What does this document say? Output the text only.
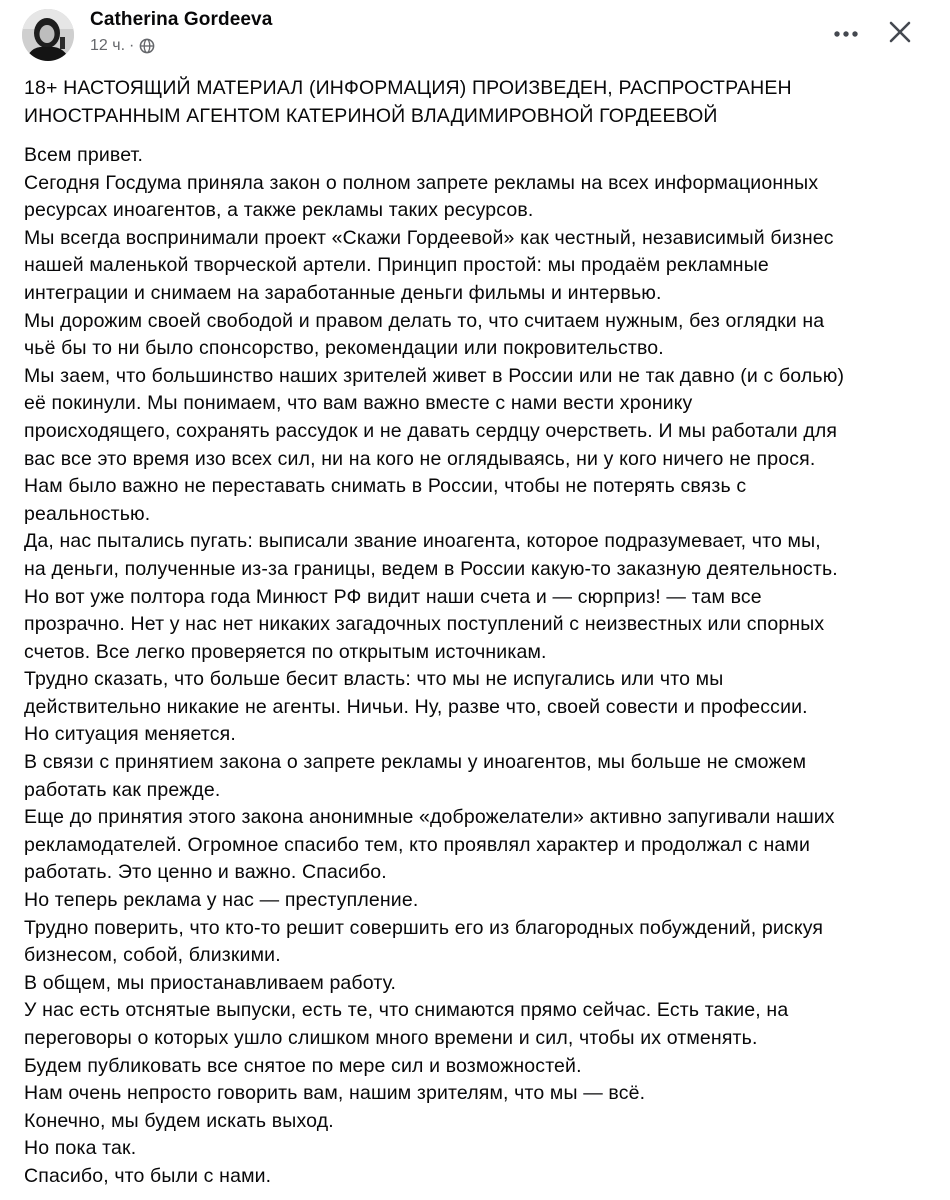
Catherina Gordeeva
12 ч. ·
18+ НАСТОЯЩИЙ МАТЕРИАЛ (ИНФОРМАЦИЯ) ПРОИЗВЕДЕН, РАСПРОСТРАНЕН
ИНОСТРАННЫМ АГЕНТОМ КАТЕРИНОЙ ВЛАДИМИРОВНОЙ ГОРДЕЕВОЙ
Всем привет.
Сегодня Госдума приняла закон о полном запрете рекламы на всех информационных
ресурсах иноагентов, а также рекламы таких ресурсов.
Мы всегда воспринимали проект «Скажи Гордеевой» как честный, независимый бизнес
нашей маленькой творческой артели. Принцип простой: мы продаём рекламные
интеграции и снимаем на заработанные деньги фильмы и интервью.
Мы дорожим своей свободой и правом делать то, что считаем нужным, без оглядки на
чьё бы то ни было спонсорство, рекомендации или покровительство.
Мы заем, что большинство наших зрителей живет в России или не так давно (и с болью)
её покинули. Мы понимаем, что вам важно вместе с нами вести хронику
происходящего, сохранять рассудок и не давать сердцу очерстветь. И мы работали для
вас все это время изо всех сил, ни на кого не оглядываясь, ни у кого ничего не прося.
Нам было важно не переставать снимать в России, чтобы не потерять связь с
реальностью.
Да, нас пытались пугать: выписали звание иноагента, которое подразумевает, что мы,
на деньги, полученные из-за границы, ведем в России какую-то заказную деятельность.
Но вот уже полтора года Минюст РФ видит наши счета и — сюрприз! — там все
прозрачно. Нет у нас нет никаких загадочных поступлений с неизвестных или спорных
счетов. Все легко проверяется по открытым источникам.
Трудно сказать, что больше бесит власть: что мы не испугались или что мы
действительно никакие не агенты. Ничьи. Ну, разве что, своей совести и профессии.
Но ситуация меняется.
В связи с принятием закона о запрете рекламы у иноагентов, мы больше не сможем
работать как прежде.
Еще до принятия этого закона анонимные «доброжелатели» активно запугивали наших
рекламодателей. Огромное спасибо тем, кто проявлял характер и продолжал с нами
работать. Это ценно и важно. Спасибо.
Но теперь реклама у нас — преступление.
Трудно поверить, что кто-то решит совершить его из благородных побуждений, рискуя
бизнесом, собой, близкими.
В общем, мы приостанавливаем работу.
У нас есть отснятые выпуски, есть те, что снимаются прямо сейчас. Есть такие, на
переговоры о которых ушло слишком много времени и сил, чтобы их отменять.
Будем публиковать все снятое по мере сил и возможностей.
Нам очень непросто говорить вам, нашим зрителям, что мы — всё.
Конечно, мы будем искать выход.
Но пока так.
Спасибо, что были с нами.
